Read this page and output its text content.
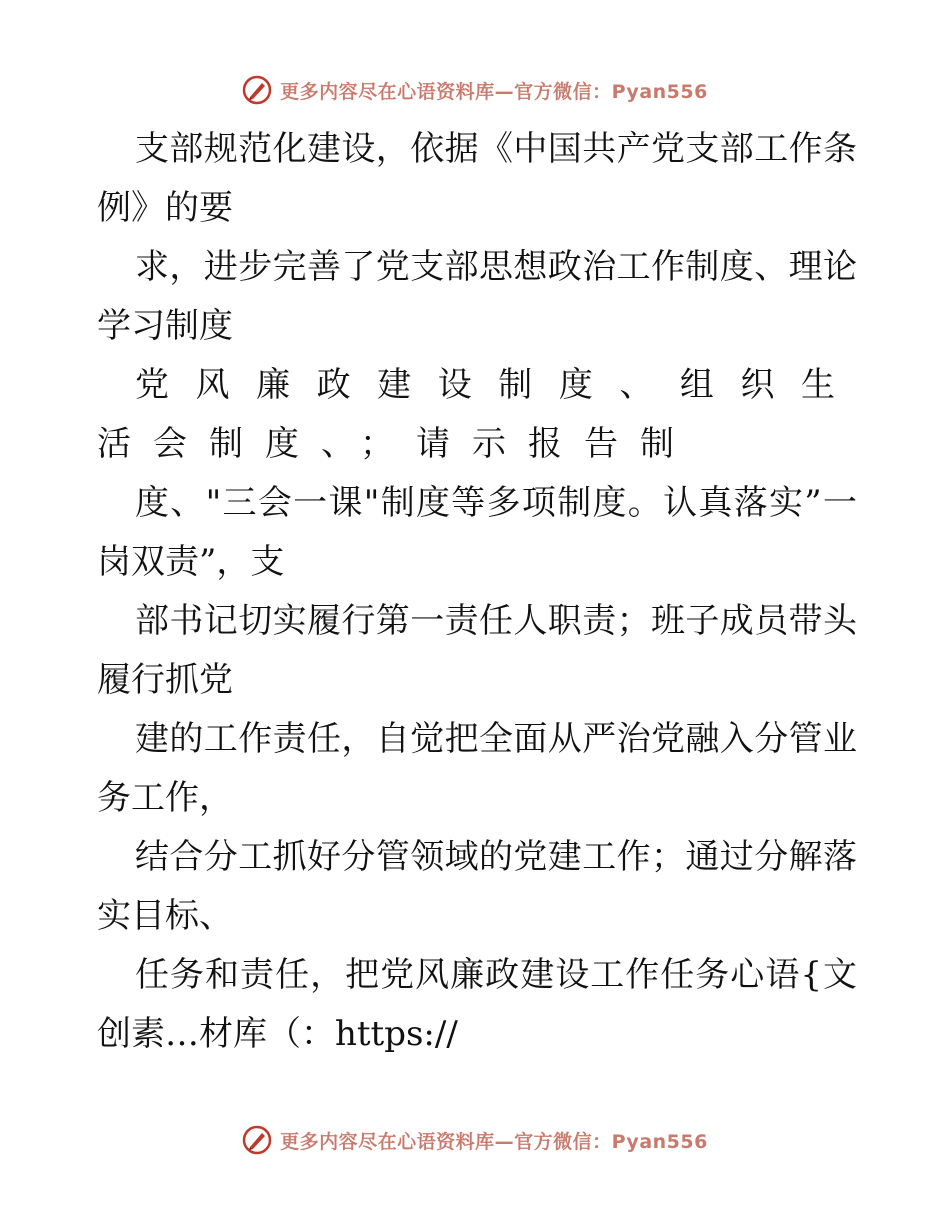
更多内容尽在心语资料库—官方微信：Pyan556

支部规范化建设，依据《中国共产党支部工作条例》的要

求，进步完善了党支部思想政治工作制度、理论学习制度

党风廉政建设制度、组织生活会制度、；请示报告制

度、"三会一课"制度等多项制度。认真落实”一岗双责”，支

部书记切实履行第一责任人职责；班子成员带头履行抓党

建的工作责任，自觉把全面从严治党融入分管业务工作，

结合分工抓好分管领域的党建工作；通过分解落实目标、

任务和责任，把党风廉政建设工作任务心语{文创素…材库（：https://

更多内容尽在心语资料库—官方微信：Pyan556
